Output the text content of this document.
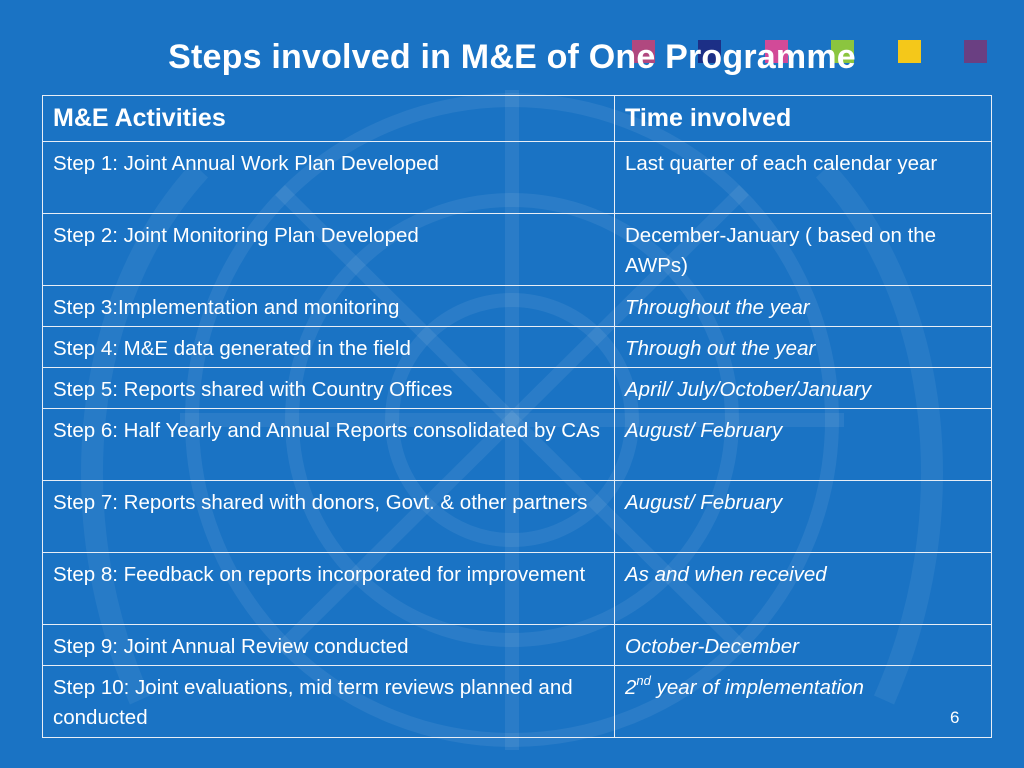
Steps involved in M&E of One Programme
M&E Activities	Time involved
Step 1: Joint Annual Work Plan Developed	Last quarter of each calendar year
Step 2: Joint Monitoring Plan Developed	December-January ( based on the AWPs)
Step 3:Implementation and monitoring	Throughout the year
Step 4: M&E data generated in the field	Through out the year
Step 5: Reports shared with Country Offices	April/ July/October/January
Step 6: Half Yearly and Annual Reports consolidated by CAs	August/ February
Step 7: Reports shared with donors, Govt. & other partners	August/ February
Step 8: Feedback on reports incorporated for improvement	As and when received
Step 9: Joint Annual Review conducted	October-December
Step 10: Joint evaluations, mid term reviews planned and conducted	2nd year of implementation
6
